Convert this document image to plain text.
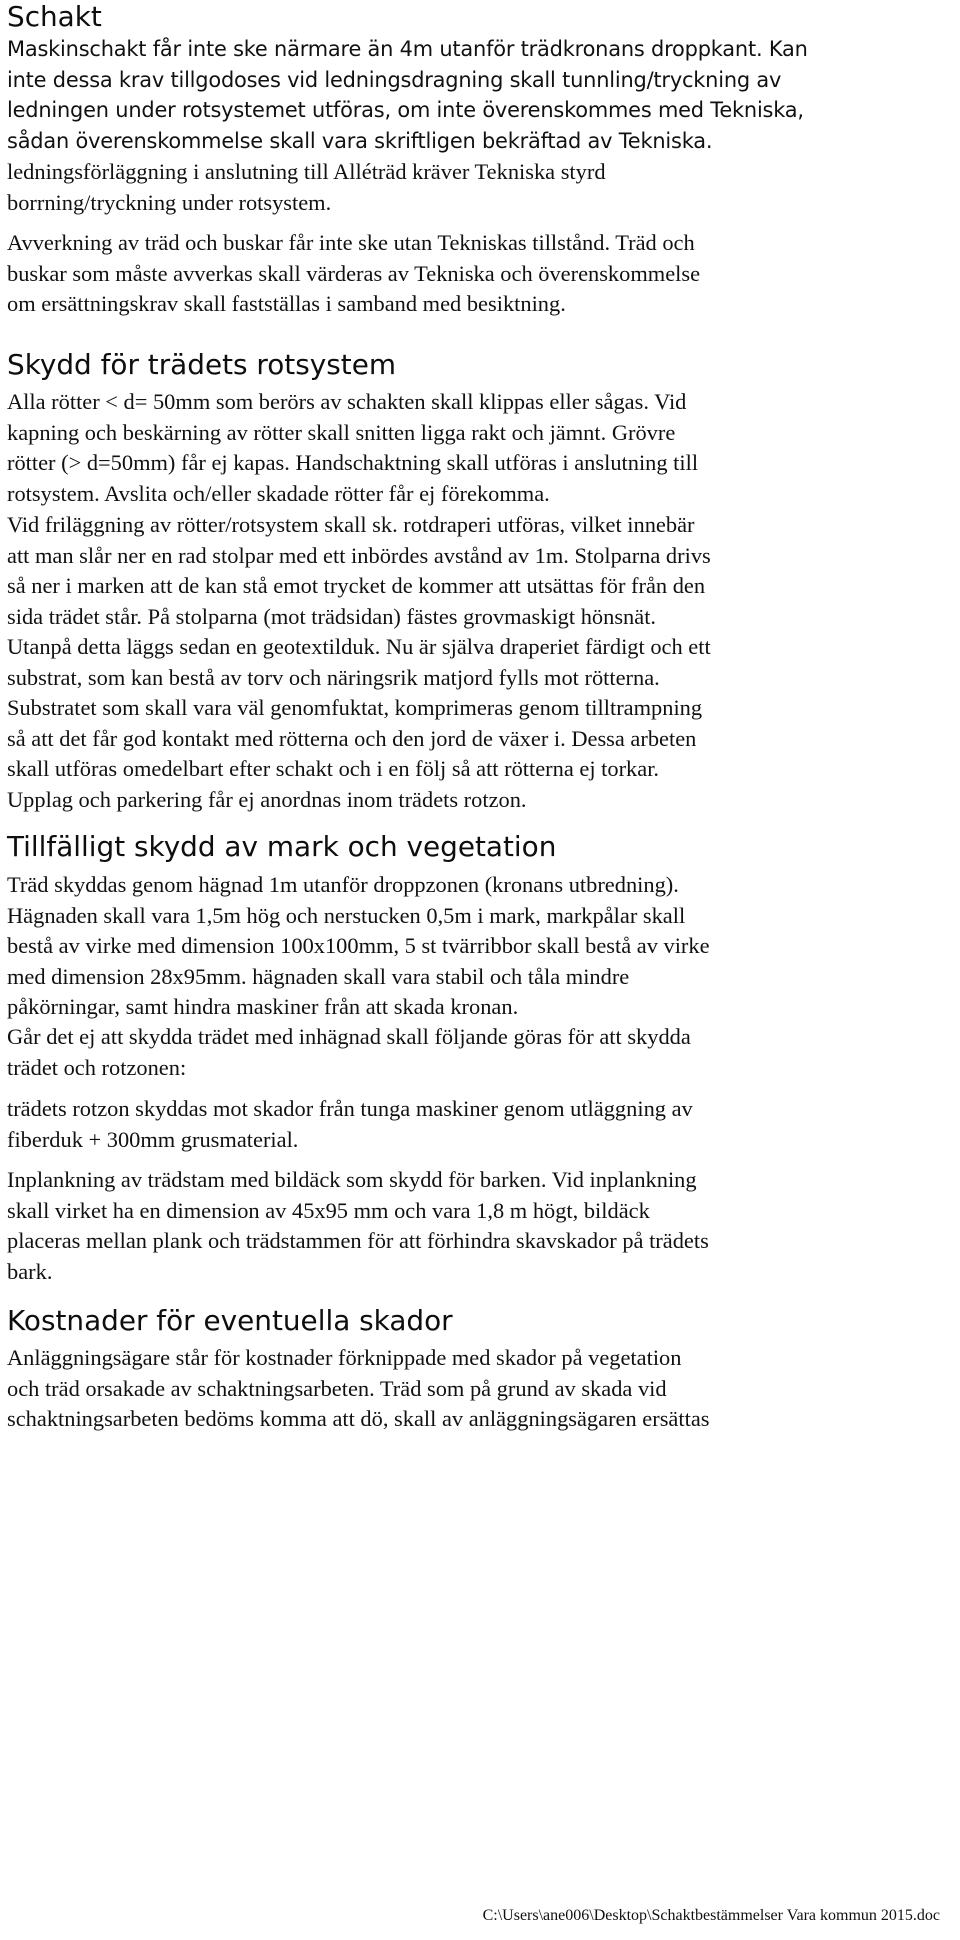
Schakt

Maskinschakt får inte ske närmare än 4m utanför trädkronans droppkant. Kan
inte dessa krav tillgodoses vid ledningsdragning skall tunnling/tryckning av
ledningen under rotsystemet utföras, om inte överenskommes med Tekniska,
sådan överenskommelse skall vara skriftligen bekräftad av Tekniska.

ledningsförläggning i anslutning till Alléträd kräver Tekniska styrd
borrning/tryckning under rotsystem.

Avverkning av träd och buskar får inte ske utan Tekniskas tillstånd. Träd och
buskar som måste avverkas skall värderas av Tekniska och överenskommelse
om ersättningskrav skall fastställas i samband med besiktning.

Skydd för trädets rotsystem

Alla rötter < d= 50mm som berörs av schakten skall klippas eller sågas. Vid
kapning och beskärning av rötter skall snitten ligga rakt och jämnt. Grövre
rötter (> d=50mm) får ej kapas. Handschaktning skall utföras i anslutning till
rotsystem. Avslita och/eller skadade rötter får ej förekomma.

Vid friläggning av rötter/rotsystem skall sk. rotdraperi utföras, vilket innebär
att man slår ner en rad stolpar med ett inbördes avstånd av 1m. Stolparna drivs
så ner i marken att de kan stå emot trycket de kommer att utsättas för från den
sida trädet står. På stolparna (mot trädsidan) fästes grovmaskigt hönsnät.
Utanpå detta läggs sedan en geotextilduk. Nu är själva draperiet färdigt och ett
substrat, som kan bestå av torv och näringsrik matjord fylls mot rötterna.
Substratet som skall vara väl genomfuktat, komprimeras genom tilltrampning
så att det får god kontakt med rötterna och den jord de växer i. Dessa arbeten
skall utföras omedelbart efter schakt och i en följ så att rötterna ej torkar.
Upplag och parkering får ej anordnas inom trädets rotzon.

Tillfälligt skydd av mark och vegetation

Träd skyddas genom hägnad 1m utanför droppzonen (kronans utbredning).
Hägnaden skall vara 1,5m hög och nerstucken 0,5m i mark, markpålar skall
bestå av virke med dimension 100x100mm, 5 st tvärribbor skall bestå av virke
med dimension 28x95mm. hägnaden skall vara stabil och tåla mindre
påkörningar, samt hindra maskiner från att skada kronan.

Går det ej att skydda trädet med inhägnad skall följande göras för att skydda
trädet och rotzonen:

trädets rotzon skyddas mot skador från tunga maskiner genom utläggning av
fiberduk + 300mm grusmaterial.

Inplankning av trädstam med bildäck som skydd för barken. Vid inplankning
skall virket ha en dimension av 45x95 mm och vara 1,8 m högt, bildäck
placeras mellan plank och trädstammen för att förhindra skavskador på trädets
bark.

Kostnader för eventuella skador

Anläggningsägare står för kostnader förknippade med skador på vegetation
och träd orsakade av schaktningsarbeten. Träd som på grund av skada vid
schaktningsarbeten bedöms komma att dö, skall av anläggningsägaren ersättas

C:\Users\ane006\Desktop\Schaktbestämmelser Vara kommun 2015.doc
